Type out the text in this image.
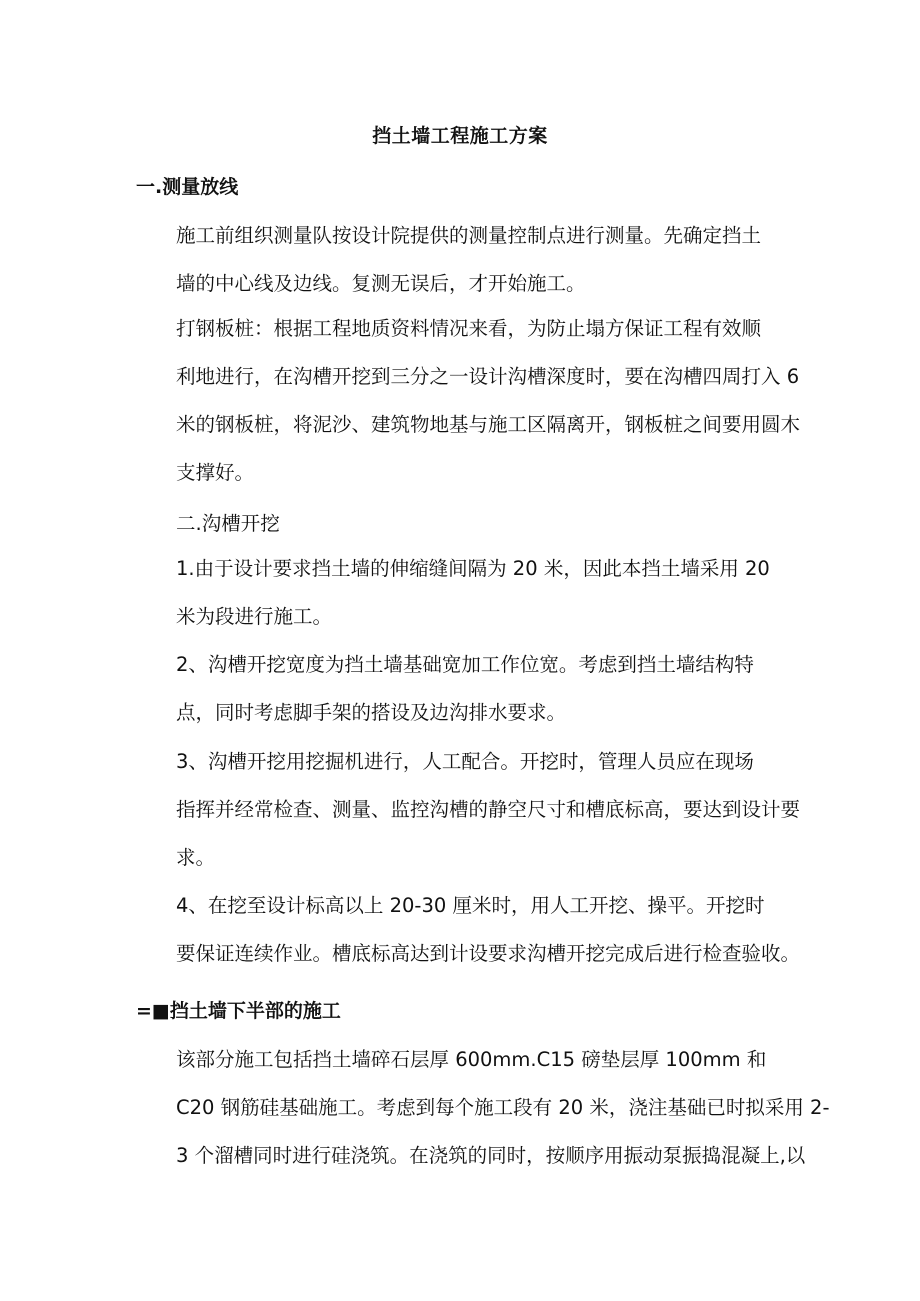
挡土墙工程施工方案
一.测量放线
施工前组织测量队按设计院提供的测量控制点进行测量。先确定挡土
墙的中心线及边线。复测无误后，才开始施工。
打钢板桩：根据工程地质资料情况来看，为防止塌方保证工程有效顺
利地进行，在沟槽开挖到三分之一设计沟槽深度时，要在沟槽四周打入 6
米的钢板桩，将泥沙、建筑物地基与施工区隔离开，钢板桩之间要用圆木
支撑好。
二.沟槽开挖
1.由于设计要求挡土墙的伸缩缝间隔为 20 米，因此本挡土墙采用 20
米为段进行施工。
2、沟槽开挖宽度为挡土墙基础宽加工作位宽。考虑到挡土墙结构特
点，同时考虑脚手架的搭设及边沟排水要求。
3、沟槽开挖用挖掘机进行，人工配合。开挖时，管理人员应在现场
指挥并经常检查、测量、监控沟槽的静空尺寸和槽底标高，要达到设计要
求。
4、在挖至设计标高以上 20-30 厘米时，用人工开挖、操平。开挖时
要保证连续作业。槽底标高达到计设要求沟槽开挖完成后进行检查验收。
=■挡土墙下半部的施工
该部分施工包括挡土墙碎石层厚 600mm.C15 磅垫层厚 100mm 和
C20 钢筋硅基础施工。考虑到每个施工段有 20 米，浇注基础已时拟采用 2-
3 个溜槽同时进行硅浇筑。在浇筑的同时，按顺序用振动泵振捣混凝上,以
